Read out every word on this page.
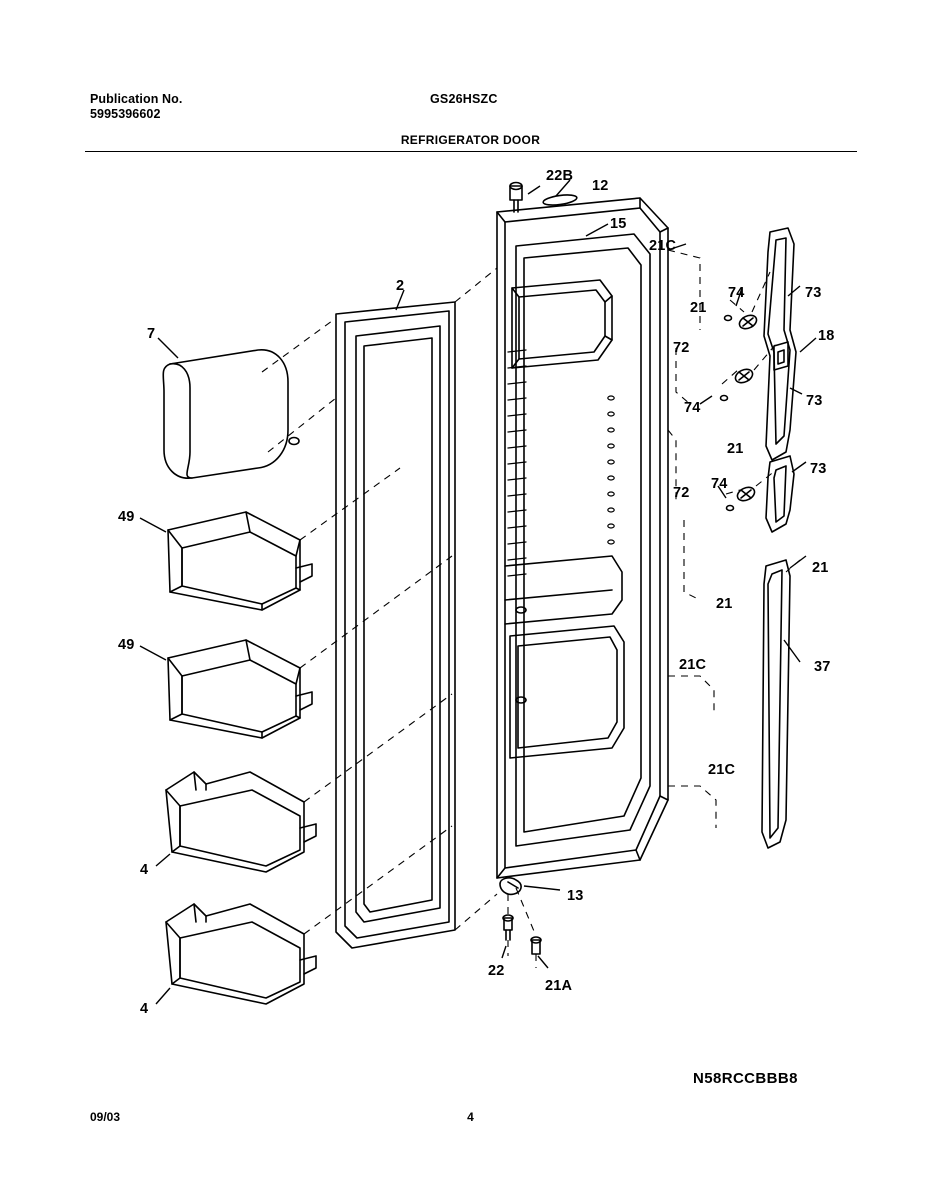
Publication No.
5995396602
GS26HSZC
REFRIGERATOR DOOR
22B
12
15
21C
21
74	73
18
72
2
7
74	73
21
73
74
72
49
21
21
49
37
21C
21C
4
13
22
21A
4
N58RCCBBB8
09/03	4
